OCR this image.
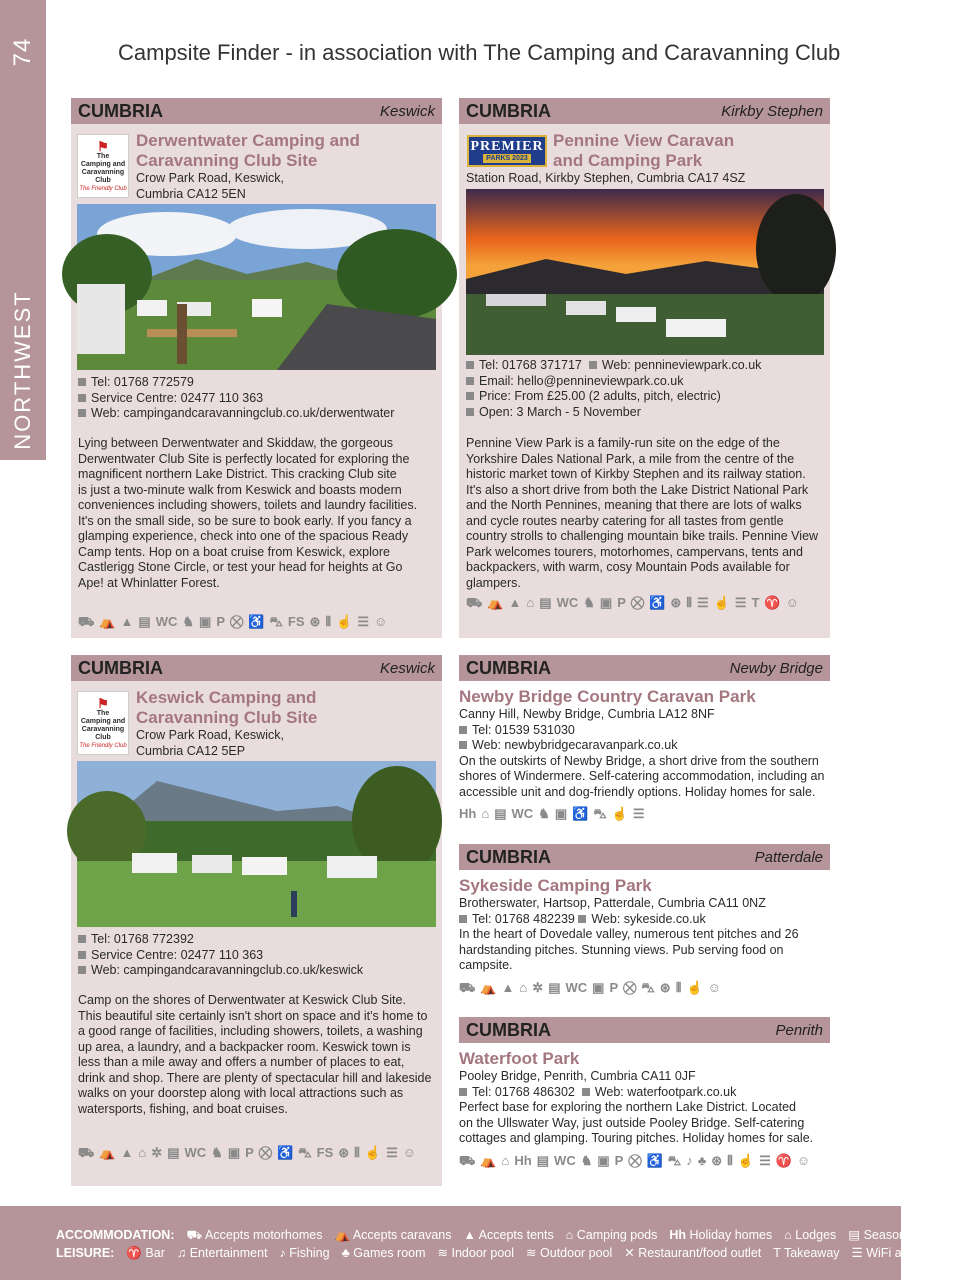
74
NORTHWEST
Campsite Finder - in association with The Camping and Caravanning Club
CUMBRIA	Keswick
⚑
The
Camping and
Caravanning
Club
The Friendly Club
Derwentwater Camping and
Caravanning Club Site
Crow Park Road, Keswick,
Cumbria CA12 5EN
Tel: 01768 772579
Service Centre: 02477 110 363
Web: campingandcaravanningclub.co.uk/derwentwater
Lying between Derwentwater and Skiddaw, the gorgeous
Derwentwater Club Site is perfectly located for exploring the
magnificent northern Lake District. This cracking Club site
is just a two-minute walk from Keswick and boasts modern
conveniences including showers, toilets and laundry facilities.
It's on the small side, so be sure to book early. If you fancy a
glamping experience, check into one of the spacious Ready
Camp tents. Hop on a boat cruise from Keswick, explore
Castlerigg Stone Circle, or test your head for heights at Go
Ape! at Whinlatter Forest.
⛟ ⛺ ▲ ▤ WC ♞ ▣ P ⛒ ♿ ⛍ FS ⊛ ⦀ ☝ ☰ ☺
CUMBRIA	Kirkby Stephen
PREMIER
PARKS 2023
Pennine View Caravan
and Camping Park
Station Road, Kirkby Stephen, Cumbria CA17 4SZ
Tel: 01768 371717 Web: pennineviewpark.co.uk
Email: hello@pennineviewpark.co.uk
Price: From £25.00 (2 adults, pitch, electric)
Open: 3 March - 5 November
Pennine View Park is a family-run site on the edge of the
Yorkshire Dales National Park, a mile from the centre of the
historic market town of Kirkby Stephen and its railway station.
It's also a short drive from both the Lake District National Park
and the North Pennines, meaning that there are lots of walks
and cycle routes nearby catering for all tastes from gentle
country strolls to challenging mountain bike trails. Pennine View
Park welcomes tourers, motorhomes, campervans, tents and
backpackers, with warm, cosy Mountain Pods available for
glampers.
⛟ ⛺ ▲ ⌂ ▤ WC ♞ ▣ P ⛒ ♿ ⊛ ⦀ ☰ ☝ ☰ T ♈ ☺
CUMBRIA	Keswick
⚑
The
Camping and
Caravanning
Club
The Friendly Club
Keswick Camping and
Caravanning Club Site
Crow Park Road, Keswick,
Cumbria CA12 5EP
Tel: 01768 772392
Service Centre: 02477 110 363
Web: campingandcaravanningclub.co.uk/keswick
Camp on the shores of Derwentwater at Keswick Club Site.
This beautiful site certainly isn't short on space and it's home to
a good range of facilities, including showers, toilets, a washing
up area, a laundry, and a backpacker room. Keswick town is
less than a mile away and offers a number of places to eat,
drink and shop. There are plenty of spectacular hill and lakeside
walks on your doorstep along with local attractions such as
watersports, fishing, and boat cruises.
⛟ ⛺ ▲ ⌂ ✲ ▤ WC ♞ ▣ P ⛒ ♿ ⛍ FS ⊛ ⦀ ☝ ☰ ☺
CUMBRIA	Newby Bridge
Newby Bridge Country Caravan Park
Canny Hill, Newby Bridge, Cumbria LA12 8NF
Tel: 01539 531030
Web: newbybridgecaravanpark.co.uk
On the outskirts of Newby Bridge, a short drive from the southern
shores of Windermere. Self-catering accommodation, including an
accessible unit and dog-friendly options. Holiday homes for sale.
Hh ⌂ ▤ WC ♞ ▣ ♿ ⛍ ☝ ☰
CUMBRIA	Patterdale
Sykeside Camping Park
Brotherswater, Hartsop, Patterdale, Cumbria CA11 0NZ
Tel: 01768 482239 Web: sykeside.co.uk
In the heart of Dovedale valley, numerous tent pitches and 26
hardstanding pitches. Stunning views. Pub serving food on
campsite.
⛟ ⛺ ▲ ⌂ ✲ ▤ WC ▣ P ⛒ ⛍ ⊛ ⦀ ☝ ☺
CUMBRIA	Penrith
Waterfoot Park
Pooley Bridge, Penrith, Cumbria CA11 0JF
Tel: 01768 486302 Web: waterfootpark.co.uk
Perfect base for exploring the northern Lake District. Located
on the Ullswater Way, just outside Pooley Bridge. Self-catering
cottages and glamping. Touring pitches. Holiday homes for sale.
⛟ ⛺ ⌂ Hh ▤ WC ♞ ▣ P ⛒ ♿ ⛍ ♪ ♣ ⊛ ⦀ ☝ ☰ ♈ ☺
ACCOMMODATION: ⛟ Accepts motorhomes ⛺ Accepts caravans ▲ Accepts tents ⌂ Camping pods Hh Holiday homes ⌂ Lodges ▤ Seasonal pitches
LEISURE: ♈ Bar ♫ Entertainment ♪ Fishing ♣ Games room ≋ Indoor pool ≋ Outdoor pool ✕ Restaurant/food outlet T Takeaway ☰ WiFi available
